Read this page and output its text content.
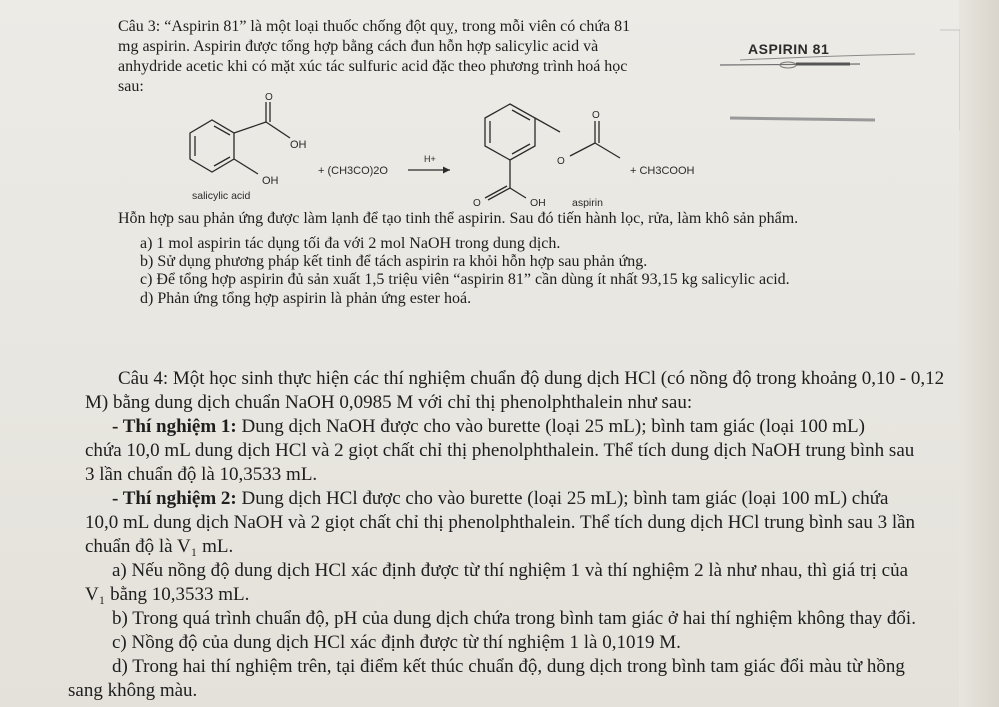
Câu 3: “Aspirin 81” là một loại thuốc chống đột quỵ, trong mỗi viên có chứa 81
mg aspirin. Aspirin được tổng hợp bằng cách đun hỗn hợp salicylic acid và
anhydride acetic khi có mặt xúc tác sulfuric acid đặc theo phương trình hoá học
sau:
ASPIRIN 81
O
OH
OH
salicylic acid
+ (CH3CO)2O
H+	O
O
O	OH	aspirin
+ CH3COOH
Hỗn hợp sau phản ứng được làm lạnh để tạo tinh thể aspirin. Sau đó tiến hành lọc, rửa, làm khô sản phẩm.
a) 1 mol aspirin tác dụng tối đa với 2 mol NaOH trong dung dịch.
b) Sử dụng phương pháp kết tinh để tách aspirin ra khỏi hỗn hợp sau phản ứng.
c) Để tổng hợp aspirin đủ sản xuất 1,5 triệu viên “aspirin 81” cần dùng ít nhất 93,15 kg salicylic acid.
d) Phản ứng tổng hợp aspirin là phản ứng ester hoá.
Câu 4: Một học sinh thực hiện các thí nghiệm chuẩn độ dung dịch HCl (có nồng độ trong khoảng 0,10 - 0,12
M) bằng dung dịch chuẩn NaOH 0,0985 M với chỉ thị phenolphthalein như sau:
- Thí nghiệm 1: Dung dịch NaOH được cho vào burette (loại 25 mL); bình tam giác (loại 100 mL)
chứa 10,0 mL dung dịch HCl và 2 giọt chất chỉ thị phenolphthalein. Thể tích dung dịch NaOH trung bình sau
3 lần chuẩn độ là 10,3533 mL.
- Thí nghiệm 2: Dung dịch HCl được cho vào burette (loại 25 mL); bình tam giác (loại 100 mL) chứa
10,0 mL dung dịch NaOH và 2 giọt chất chỉ thị phenolphthalein. Thể tích dung dịch HCl trung bình sau 3 lần
chuẩn độ là V₁ mL.
a) Nếu nồng độ dung dịch HCl xác định được từ thí nghiệm 1 và thí nghiệm 2 là như nhau, thì giá trị của
V₁ bằng 10,3533 mL.
b) Trong quá trình chuẩn độ, pH của dung dịch chứa trong bình tam giác ở hai thí nghiệm không thay đổi.
c) Nồng độ của dung dịch HCl xác định được từ thí nghiệm 1 là 0,1019 M.
d) Trong hai thí nghiệm trên, tại điểm kết thúc chuẩn độ, dung dịch trong bình tam giác đổi màu từ hồng
sang không màu.
